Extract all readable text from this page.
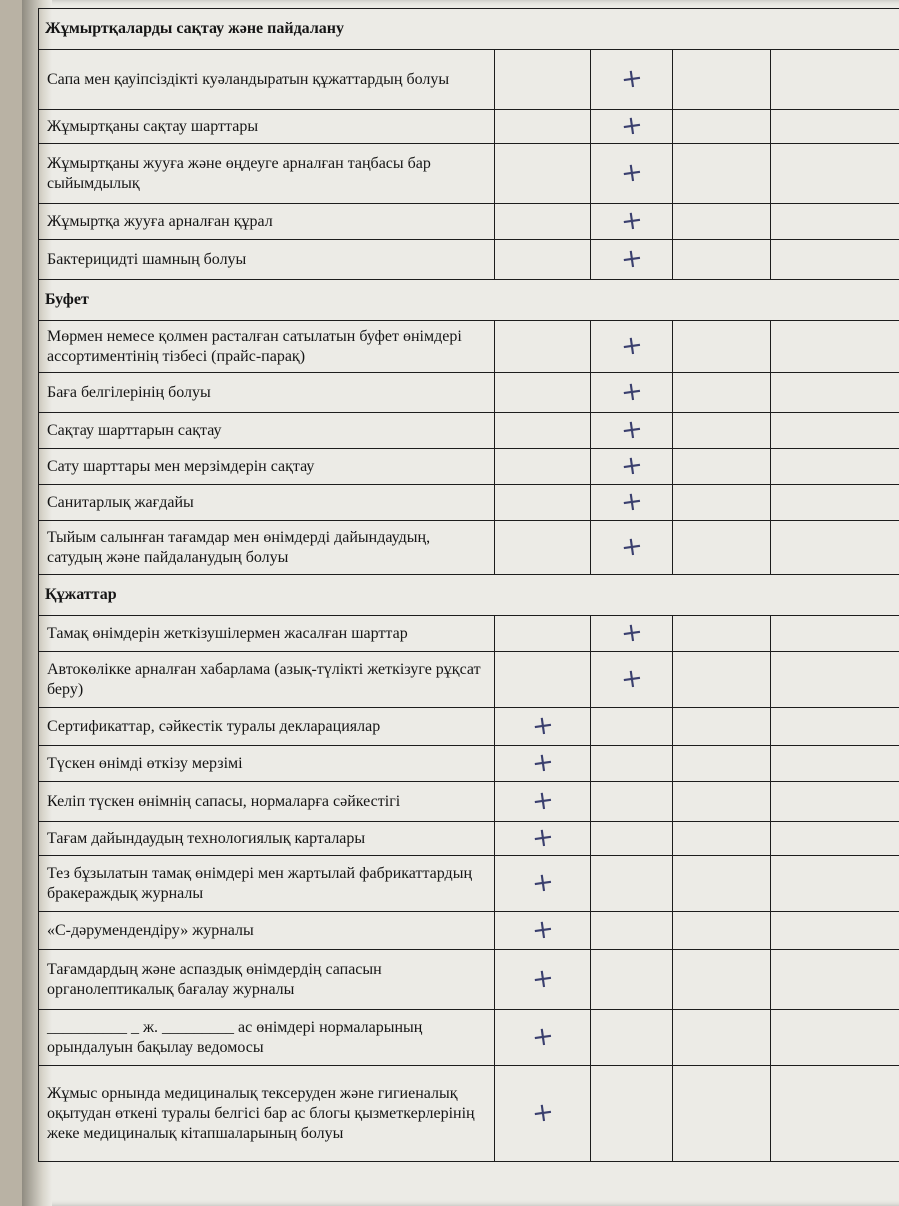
Жұмыртқаларды сақтау және пайдалану				
Сапа мен қауіпсіздікті куәландыратын құжаттардың болуы		+		
Жұмыртқаны сақтау шарттары		+		
Жұмыртқаны жууға және өңдеуге арналған таңбасы бар сыйымдылық		+		
Жұмыртқа жууға арналған құрал		+		
Бактерицидті шамның болуы		+		
Буфет				
Мөрмен немесе қолмен расталған сатылатын буфет өнімдері ассортиментінің тізбесі (прайс-парақ)		+		
Баға белгілерінің болуы		+		
Сақтау шарттарын сақтау		+		
Сату шарттары мен мерзімдерін сақтау		+		
Санитарлық жағдайы		+		
Тыйым салынған тағамдар мен өнімдерді дайындаудың, сатудың және пайдаланудың болуы		+		
Құжаттар				
Тамақ өнімдерін жеткізушілермен жасалған шарттар		+		
Автокөлікке арналған хабарлама (азық-түлікті жеткізуге рұқсат беру)		+		
Сертификаттар, сәйкестік туралы декларациялар	+			
Түскен өнімді өткізу мерзімі	+			
Келіп түскен өнімнің сапасы, нормаларға сәйкестігі	+			
Тағам дайындаудың технологиялық карталары	+			
Тез бұзылатын тамақ өнімдері мен жартылай фабрикаттардың бракераждық журналы	+			
«С-дәрумендендіру» журналы	+			
Тағамдардың және аспаздық өнімдердің сапасын органолептикалық бағалау журналы	+			
__________ _ ж. _________ ас өнімдері нормаларының орындалуын бақылау ведомосы	+			
Жұмыс орнында медициналық тексеруден және гигиеналық оқытудан өткені туралы белгісі бар ас блогы қызметкерлерінің жеке медициналық кітапшаларының болуы	+			
